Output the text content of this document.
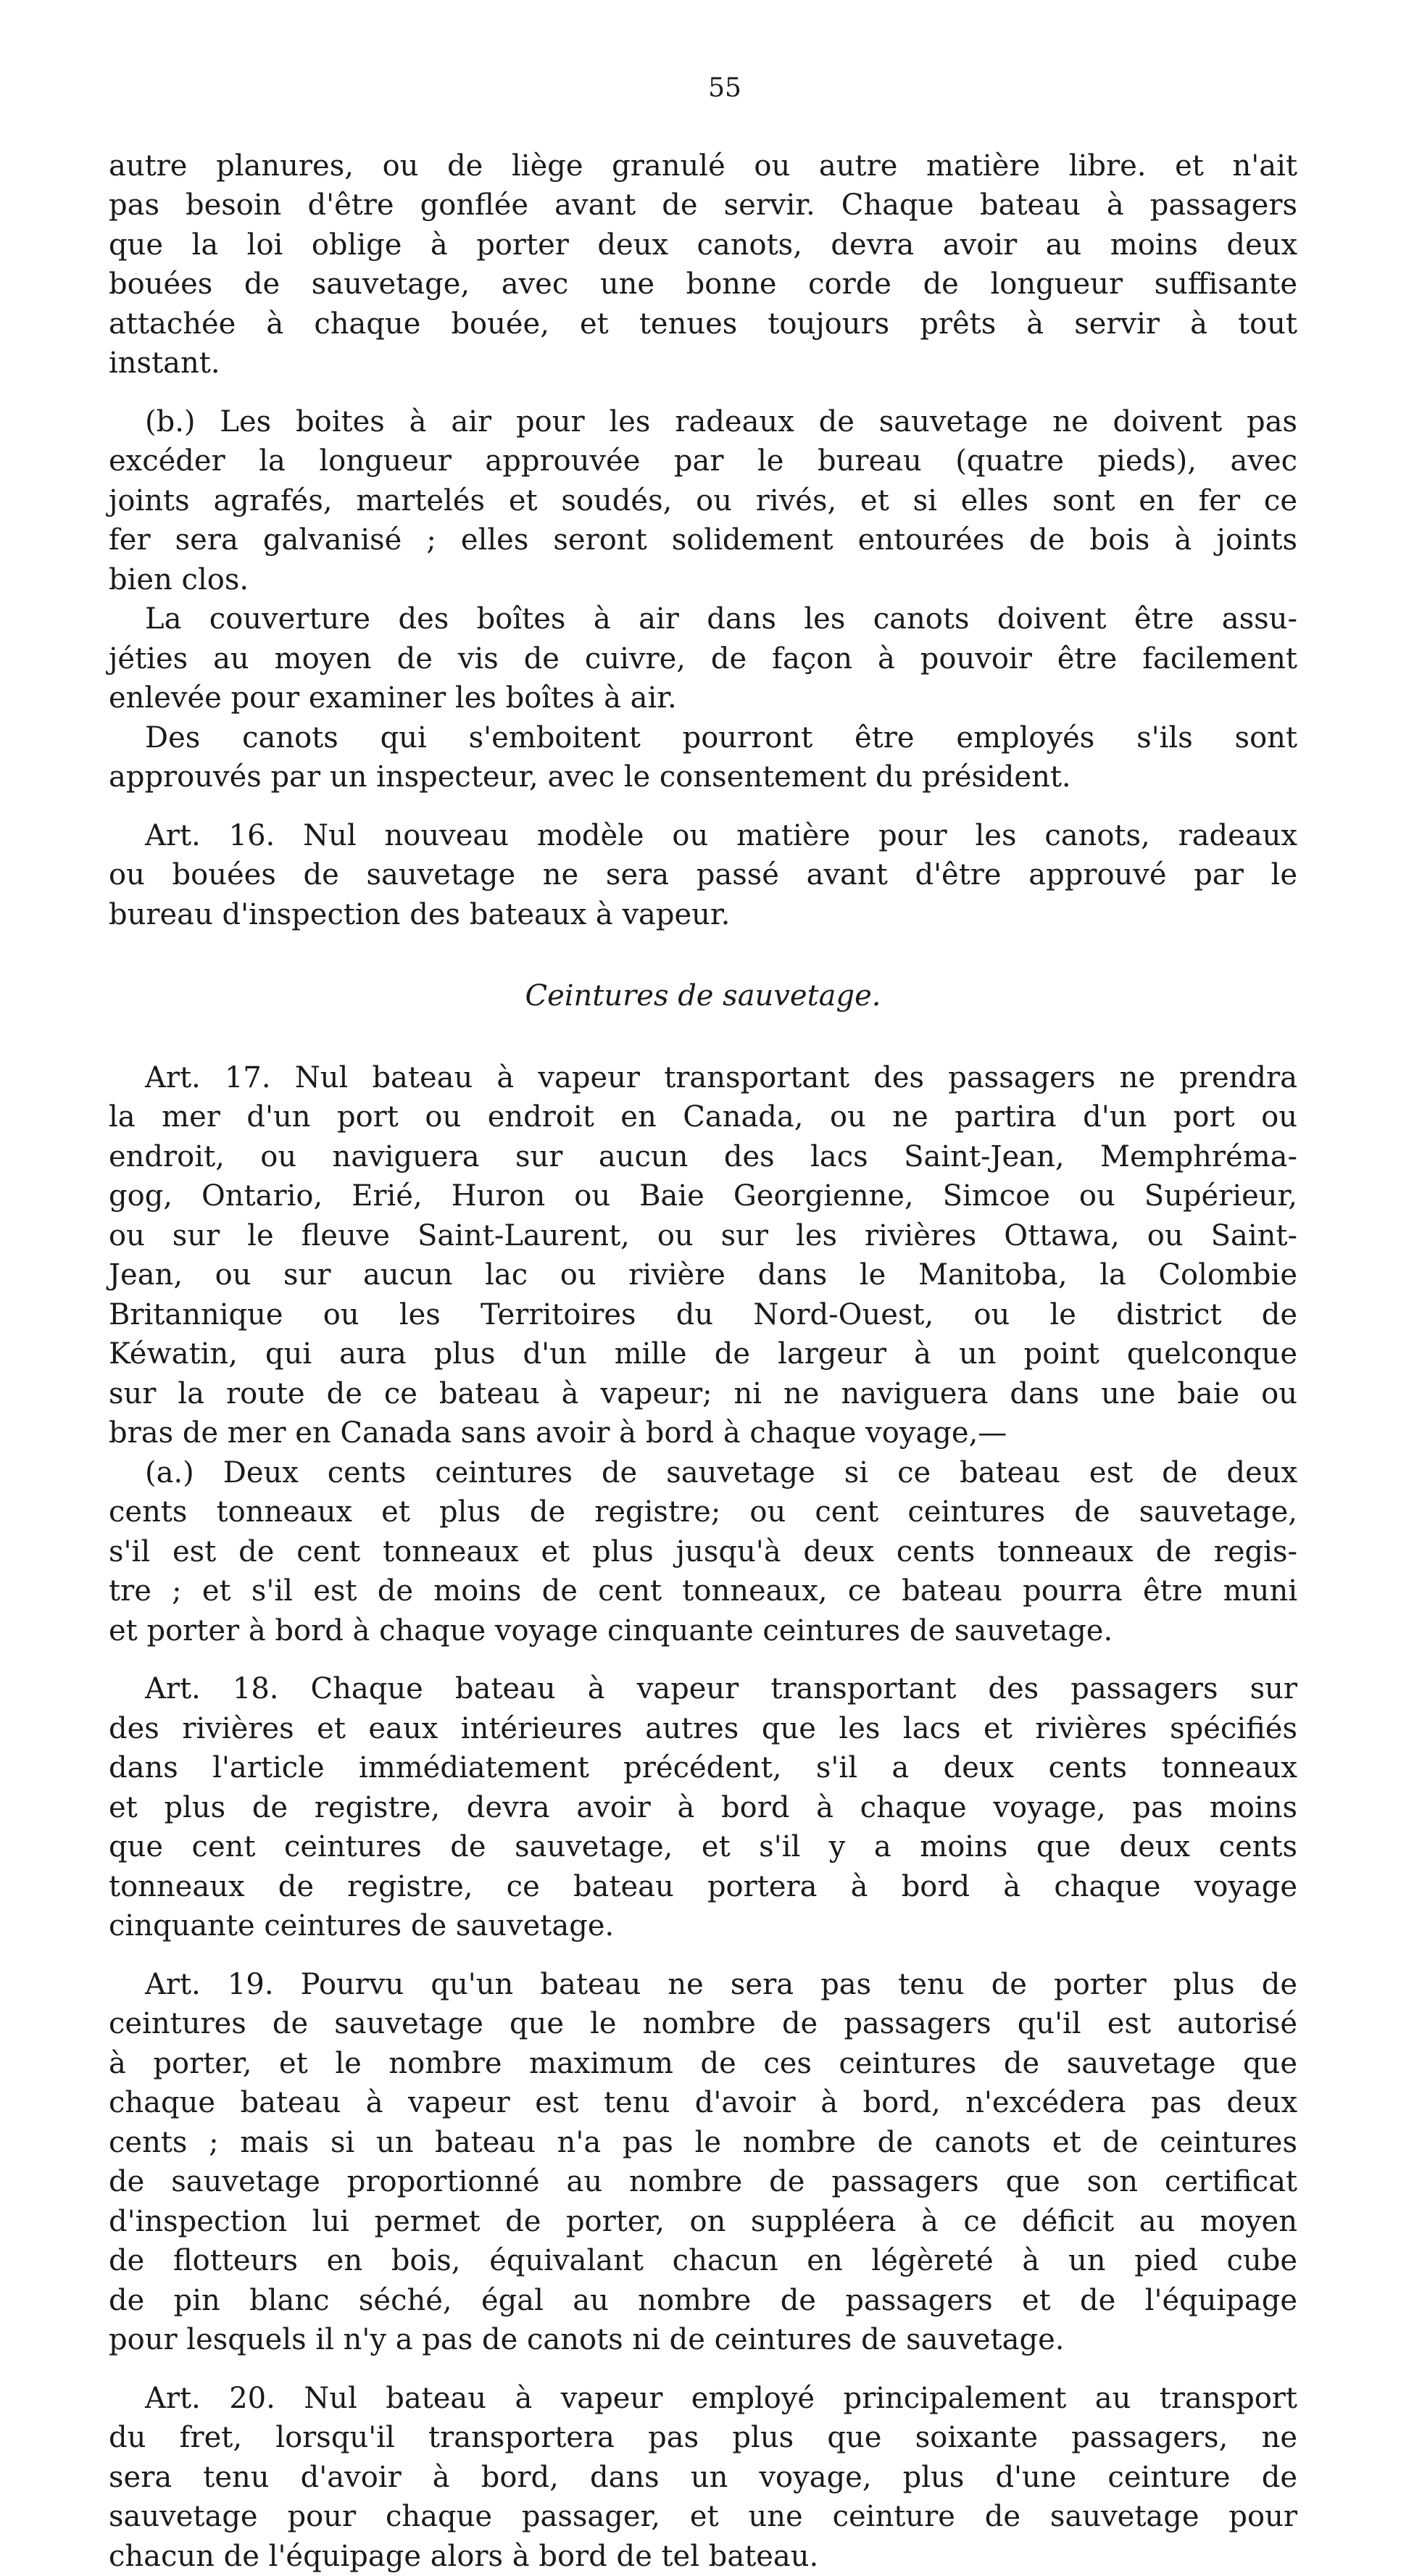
55

autre planures, ou de liège granulé ou autre matière libre. et n'ait
pas besoin d'être gonflée avant de servir. Chaque bateau à passagers
que la loi oblige à porter deux canots, devra avoir au moins deux
bouées de sauvetage, avec une bonne corde de longueur suffisante
attachée à chaque bouée, et tenues toujours prêts à servir à tout
instant.

(b.) Les boites à air pour les radeaux de sauvetage ne doivent pas
excéder la longueur approuvée par le bureau (quatre pieds), avec
joints agrafés, martelés et soudés, ou rivés, et si elles sont en fer ce
fer sera galvanisé ; elles seront solidement entourées de bois à joints
bien clos.

La couverture des boîtes à air dans les canots doivent être assu-
jéties au moyen de vis de cuivre, de façon à pouvoir être facilement
enlevée pour examiner les boîtes à air.

Des canots qui s'emboitent pourront être employés s'ils sont
approuvés par un inspecteur, avec le consentement du président.

Art. 16. Nul nouveau modèle ou matière pour les canots, radeaux
ou bouées de sauvetage ne sera passé avant d'être approuvé par le
bureau d'inspection des bateaux à vapeur.

Ceintures de sauvetage.

Art. 17. Nul bateau à vapeur transportant des passagers ne prendra
la mer d'un port ou endroit en Canada, ou ne partira d'un port ou
endroit, ou naviguera sur aucun des lacs Saint-Jean, Memphréma-
gog, Ontario, Erié, Huron ou Baie Georgienne, Simcoe ou Supérieur,
ou sur le fleuve Saint-Laurent, ou sur les rivières Ottawa, ou Saint-
Jean, ou sur aucun lac ou rivière dans le Manitoba, la Colombie
Britannique ou les Territoires du Nord-Ouest, ou le district de
Kéwatin, qui aura plus d'un mille de largeur à un point quelconque
sur la route de ce bateau à vapeur; ni ne naviguera dans une baie ou
bras de mer en Canada sans avoir à bord à chaque voyage,—

(a.) Deux cents ceintures de sauvetage si ce bateau est de deux
cents tonneaux et plus de registre; ou cent ceintures de sauvetage,
s'il est de cent tonneaux et plus jusqu'à deux cents tonneaux de regis-
tre ; et s'il est de moins de cent tonneaux, ce bateau pourra être muni
et porter à bord à chaque voyage cinquante ceintures de sauvetage.

Art. 18. Chaque bateau à vapeur transportant des passagers sur
des rivières et eaux intérieures autres que les lacs et rivières spécifiés
dans l'article immédiatement précédent, s'il a deux cents tonneaux
et plus de registre, devra avoir à bord à chaque voyage, pas moins
que cent ceintures de sauvetage, et s'il y a moins que deux cents
tonneaux de registre, ce bateau portera à bord à chaque voyage
cinquante ceintures de sauvetage.

Art. 19. Pourvu qu'un bateau ne sera pas tenu de porter plus de
ceintures de sauvetage que le nombre de passagers qu'il est autorisé
à porter, et le nombre maximum de ces ceintures de sauvetage que
chaque bateau à vapeur est tenu d'avoir à bord, n'excédera pas deux
cents ; mais si un bateau n'a pas le nombre de canots et de ceintures
de sauvetage proportionné au nombre de passagers que son certificat
d'inspection lui permet de porter, on suppléera à ce déficit au moyen
de flotteurs en bois, équivalant chacun en légèreté à un pied cube
de pin blanc séché, égal au nombre de passagers et de l'équipage
pour lesquels il n'y a pas de canots ni de ceintures de sauvetage.

Art. 20. Nul bateau à vapeur employé principalement au transport
du fret, lorsqu'il transportera pas plus que soixante passagers, ne
sera tenu d'avoir à bord, dans un voyage, plus d'une ceinture de
sauvetage pour chaque passager, et une ceinture de sauvetage pour
chacun de l'équipage alors à bord de tel bateau.
